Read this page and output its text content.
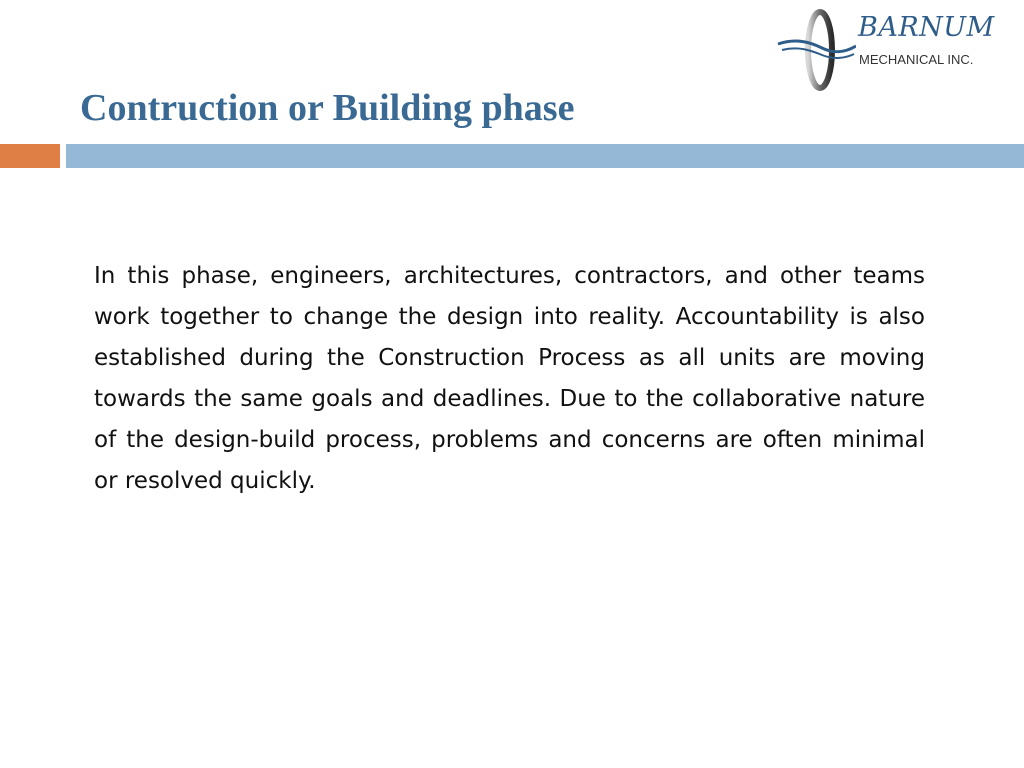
BARNUM
MECHANICAL INC.
Contruction or Building phase

In this phase, engineers, architectures, contractors, and other teams work together to change the design into reality. Accountability is also established during the Construction Process as all units are moving towards the same goals and deadlines. Due to the collaborative nature of the design-build process, problems and concerns are often minimal or resolved quickly.
